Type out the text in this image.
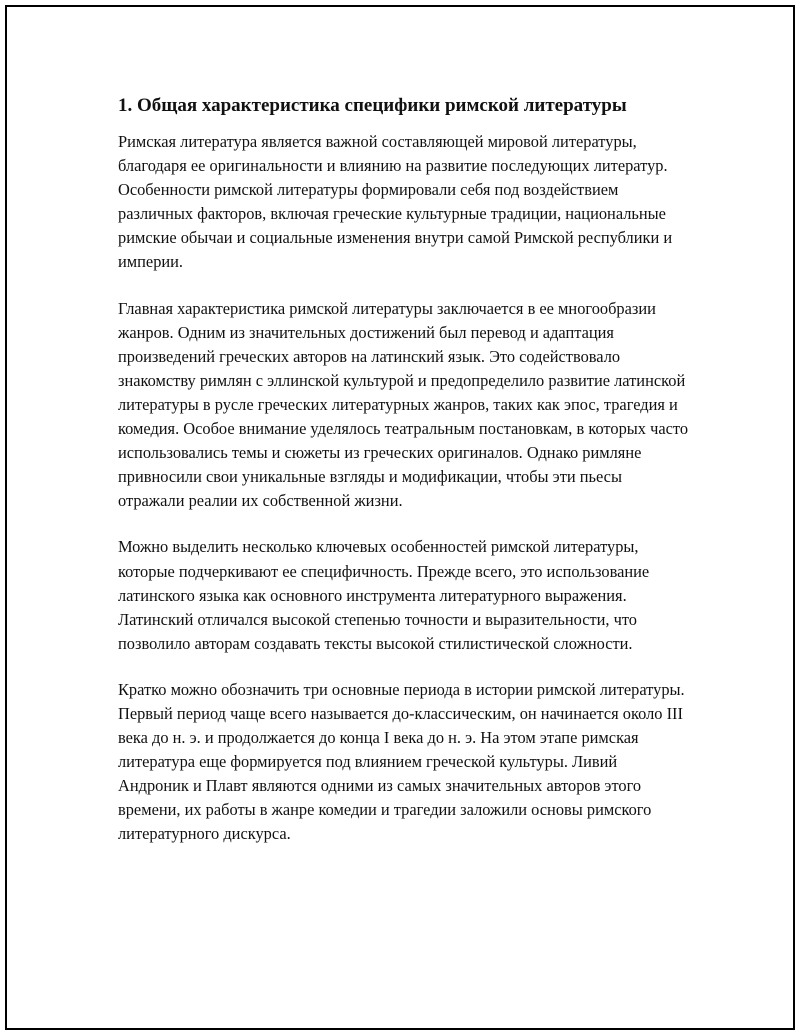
1. Общая характеристика специфики римской литературы

Римская литература является важной составляющей мировой литературы, благодаря ее оригинальности и влиянию на развитие последующих литератур. Особенности римской литературы формировали себя под воздействием различных факторов, включая греческие культурные традиции, национальные римские обычаи и социальные изменения внутри самой Римской республики и империи.

Главная характеристика римской литературы заключается в ее многообразии жанров. Одним из значительных достижений был перевод и адаптация произведений греческих авторов на латинский язык. Это содействовало знакомству римлян с эллинской культурой и предопределило развитие латинской литературы в русле греческих литературных жанров, таких как эпос, трагедия и комедия. Особое внимание уделялось театральным постановкам, в которых часто использовались темы и сюжеты из греческих оригиналов. Однако римляне привносили свои уникальные взгляды и модификации, чтобы эти пьесы отражали реалии их собственной жизни.

Можно выделить несколько ключевых особенностей римской литературы, которые подчеркивают ее специфичность. Прежде всего, это использование латинского языка как основного инструмента литературного выражения. Латинский отличался высокой степенью точности и выразительности, что позволило авторам создавать тексты высокой стилистической сложности.

Кратко можно обозначить три основные периода в истории римской литературы. Первый период чаще всего называется до-классическим, он начинается около III века до н. э. и продолжается до конца I века до н. э. На этом этапе римская литература еще формируется под влиянием греческой культуры. Ливий Андроник и Плавт являются одними из самых значительных авторов этого времени, их работы в жанре комедии и трагедии заложили основы римского литературного дискурса.
